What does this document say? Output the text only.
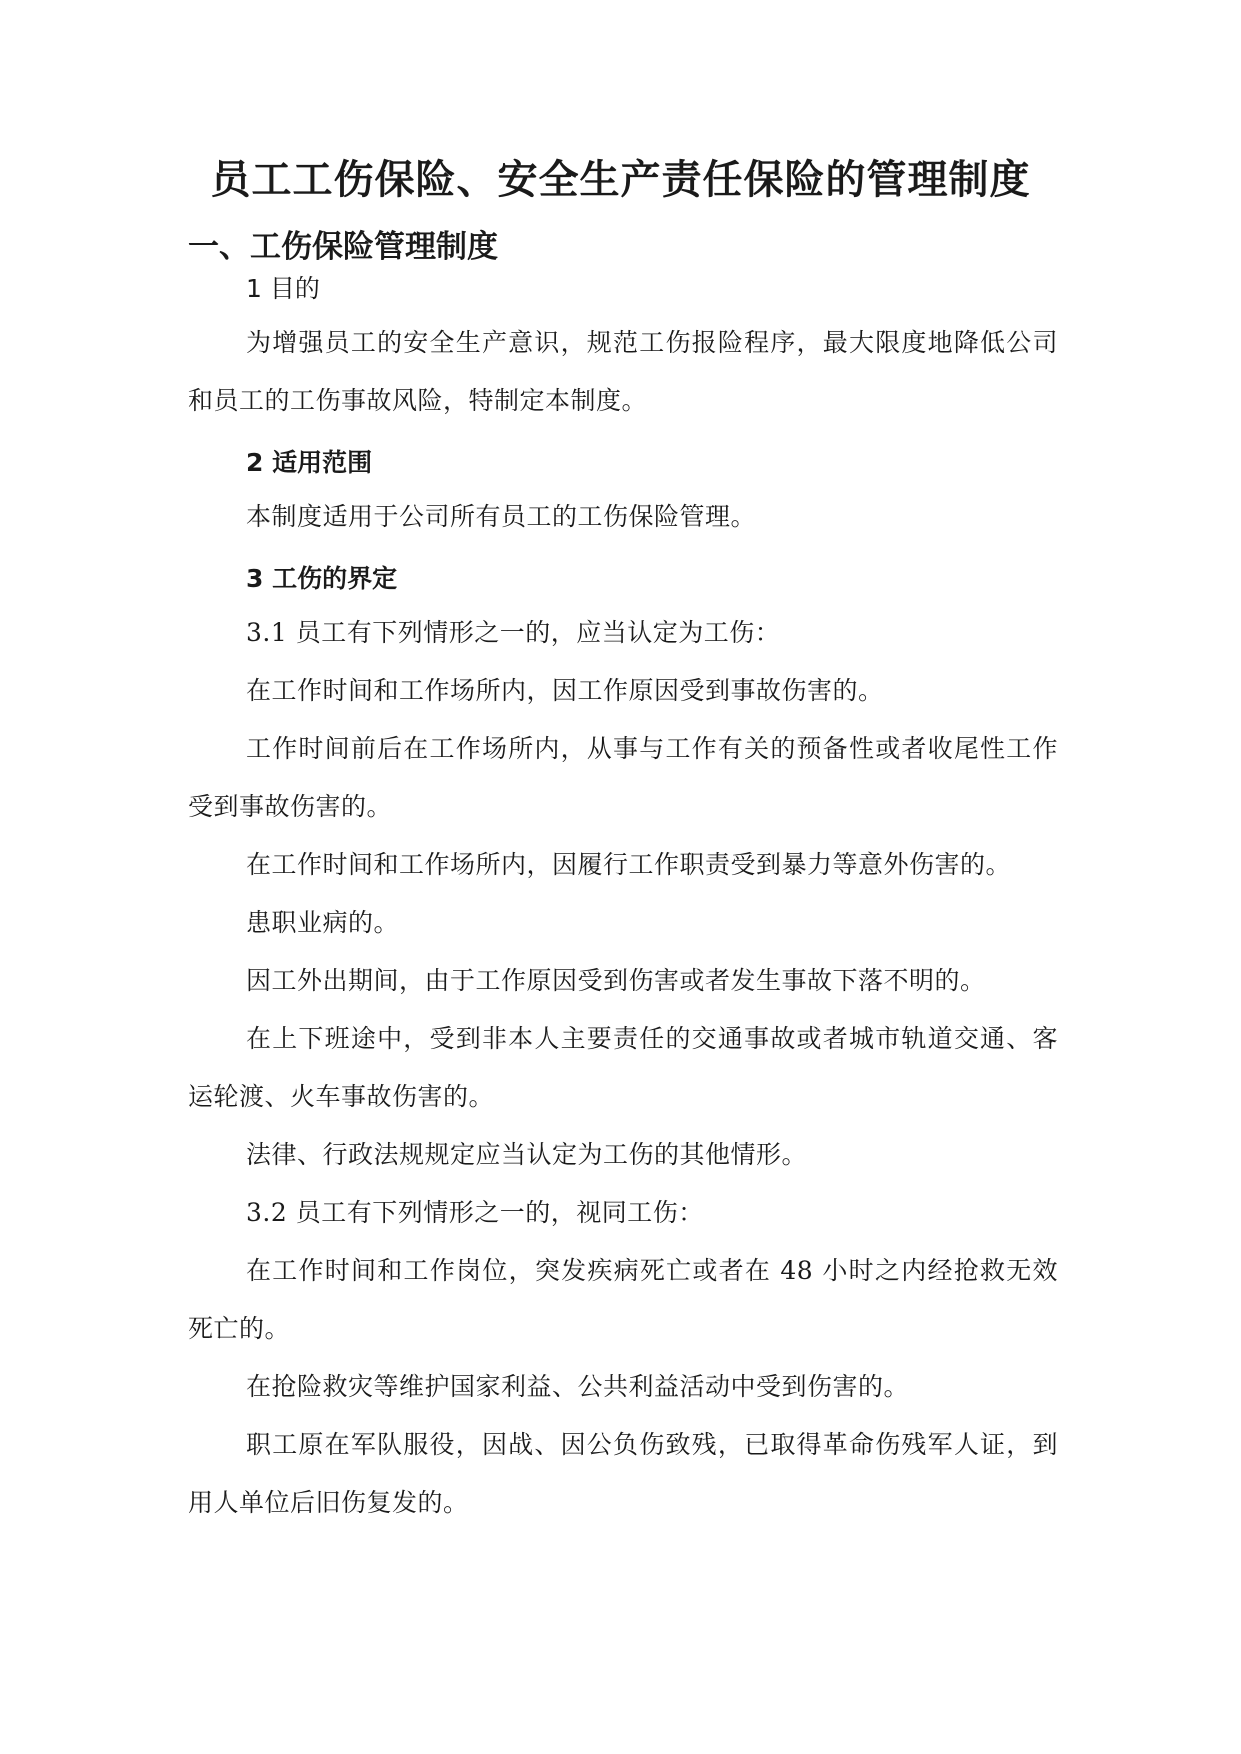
员工工伤保险、安全生产责任保险的管理制度
一、工伤保险管理制度
1 目的

为增强员工的安全生产意识，规范工伤报险程序，最大限度地降低公司和员工的工伤事故风险，特制定本制度。

2 适用范围

本制度适用于公司所有员工的工伤保险管理。

3 工伤的界定

3.1 员工有下列情形之一的，应当认定为工伤：

在工作时间和工作场所内，因工作原因受到事故伤害的。

工作时间前后在工作场所内，从事与工作有关的预备性或者收尾性工作受到事故伤害的。

在工作时间和工作场所内，因履行工作职责受到暴力等意外伤害的。

患职业病的。

因工外出期间，由于工作原因受到伤害或者发生事故下落不明的。

在上下班途中，受到非本人主要责任的交通事故或者城市轨道交通、客运轮渡、火车事故伤害的。

法律、行政法规规定应当认定为工伤的其他情形。

3.2 员工有下列情形之一的，视同工伤：

在工作时间和工作岗位，突发疾病死亡或者在 48 小时之内经抢救无效死亡的。

在抢险救灾等维护国家利益、公共利益活动中受到伤害的。

职工原在军队服役，因战、因公负伤致残，已取得革命伤残军人证，到用人单位后旧伤复发的。
